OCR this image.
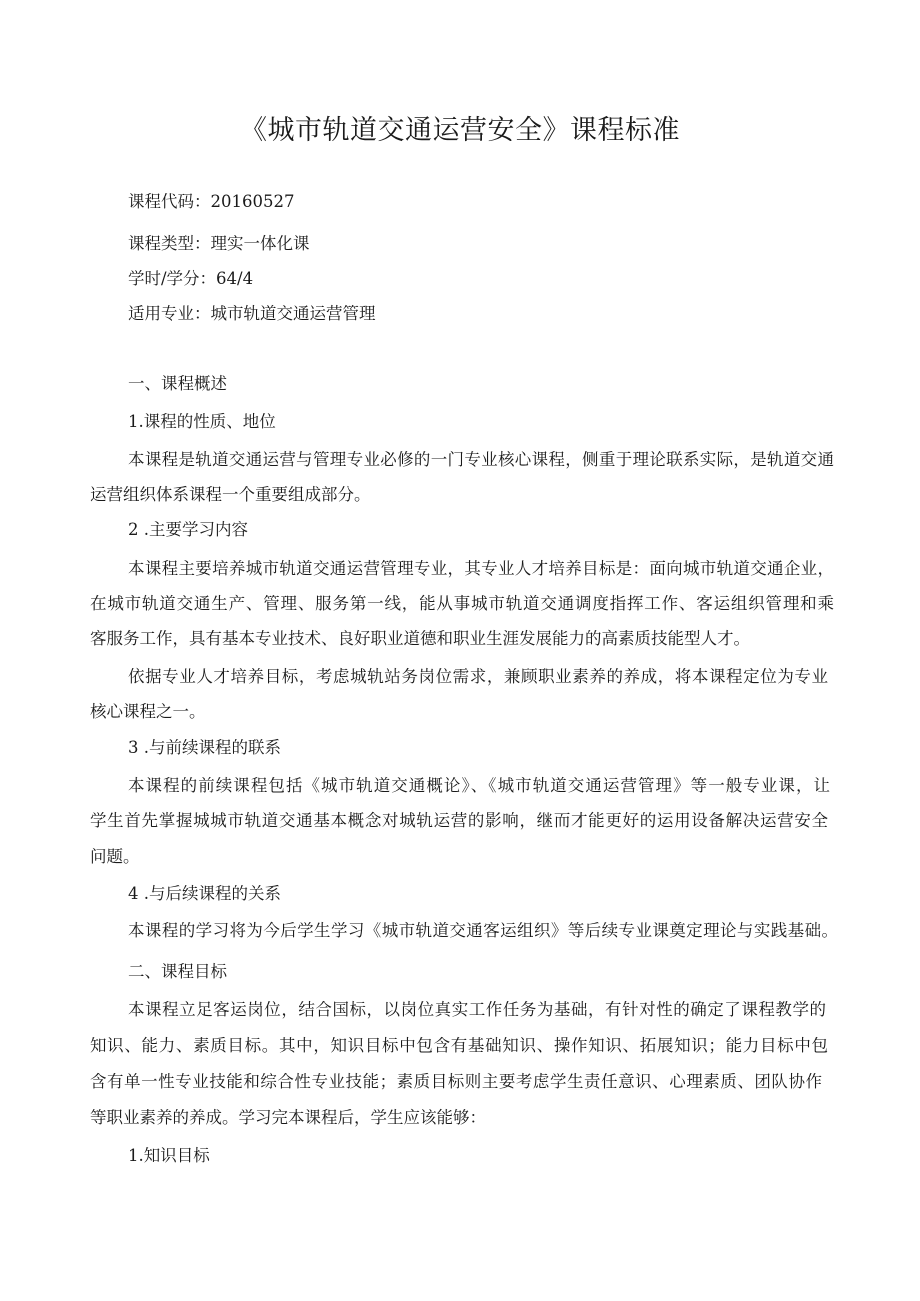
《城市轨道交通运营安全》课程标准
课程代码：20160527
课程类型：理实一体化课
学时/学分：64/4
适用专业：城市轨道交通运营管理
一、课程概述
1.课程的性质、地位
本课程是轨道交通运营与管理专业必修的一门专业核心课程，侧重于理论联系实际，是轨道交通
运营组织体系课程一个重要组成部分。
2 .主要学习内容
本课程主要培养城市轨道交通运营管理专业，其专业人才培养目标是：面向城市轨道交通企业，
在城市轨道交通生产、管理、服务第一线，能从事城市轨道交通调度指挥工作、客运组织管理和乘
客服务工作，具有基本专业技术、良好职业道德和职业生涯发展能力的高素质技能型人才。
依据专业人才培养目标，考虑城轨站务岗位需求，兼顾职业素养的养成，将本课程定位为专业
核心课程之一。
3 .与前续课程的联系
本课程的前续课程包括《城市轨道交通概论》、《城市轨道交通运营管理》等一般专业课，让
学生首先掌握城城市轨道交通基本概念对城轨运营的影响，继而才能更好的运用设备解决运营安全
问题。
4 .与后续课程的关系
本课程的学习将为今后学生学习《城市轨道交通客运组织》等后续专业课奠定理论与实践基础。
二、课程目标
本课程立足客运岗位，结合国标，以岗位真实工作任务为基础，有针对性的确定了课程教学的
知识、能力、素质目标。其中，知识目标中包含有基础知识、操作知识、拓展知识；能力目标中包
含有单一性专业技能和综合性专业技能；素质目标则主要考虑学生责任意识、心理素质、团队协作
等职业素养的养成。学习完本课程后，学生应该能够：
1.知识目标
